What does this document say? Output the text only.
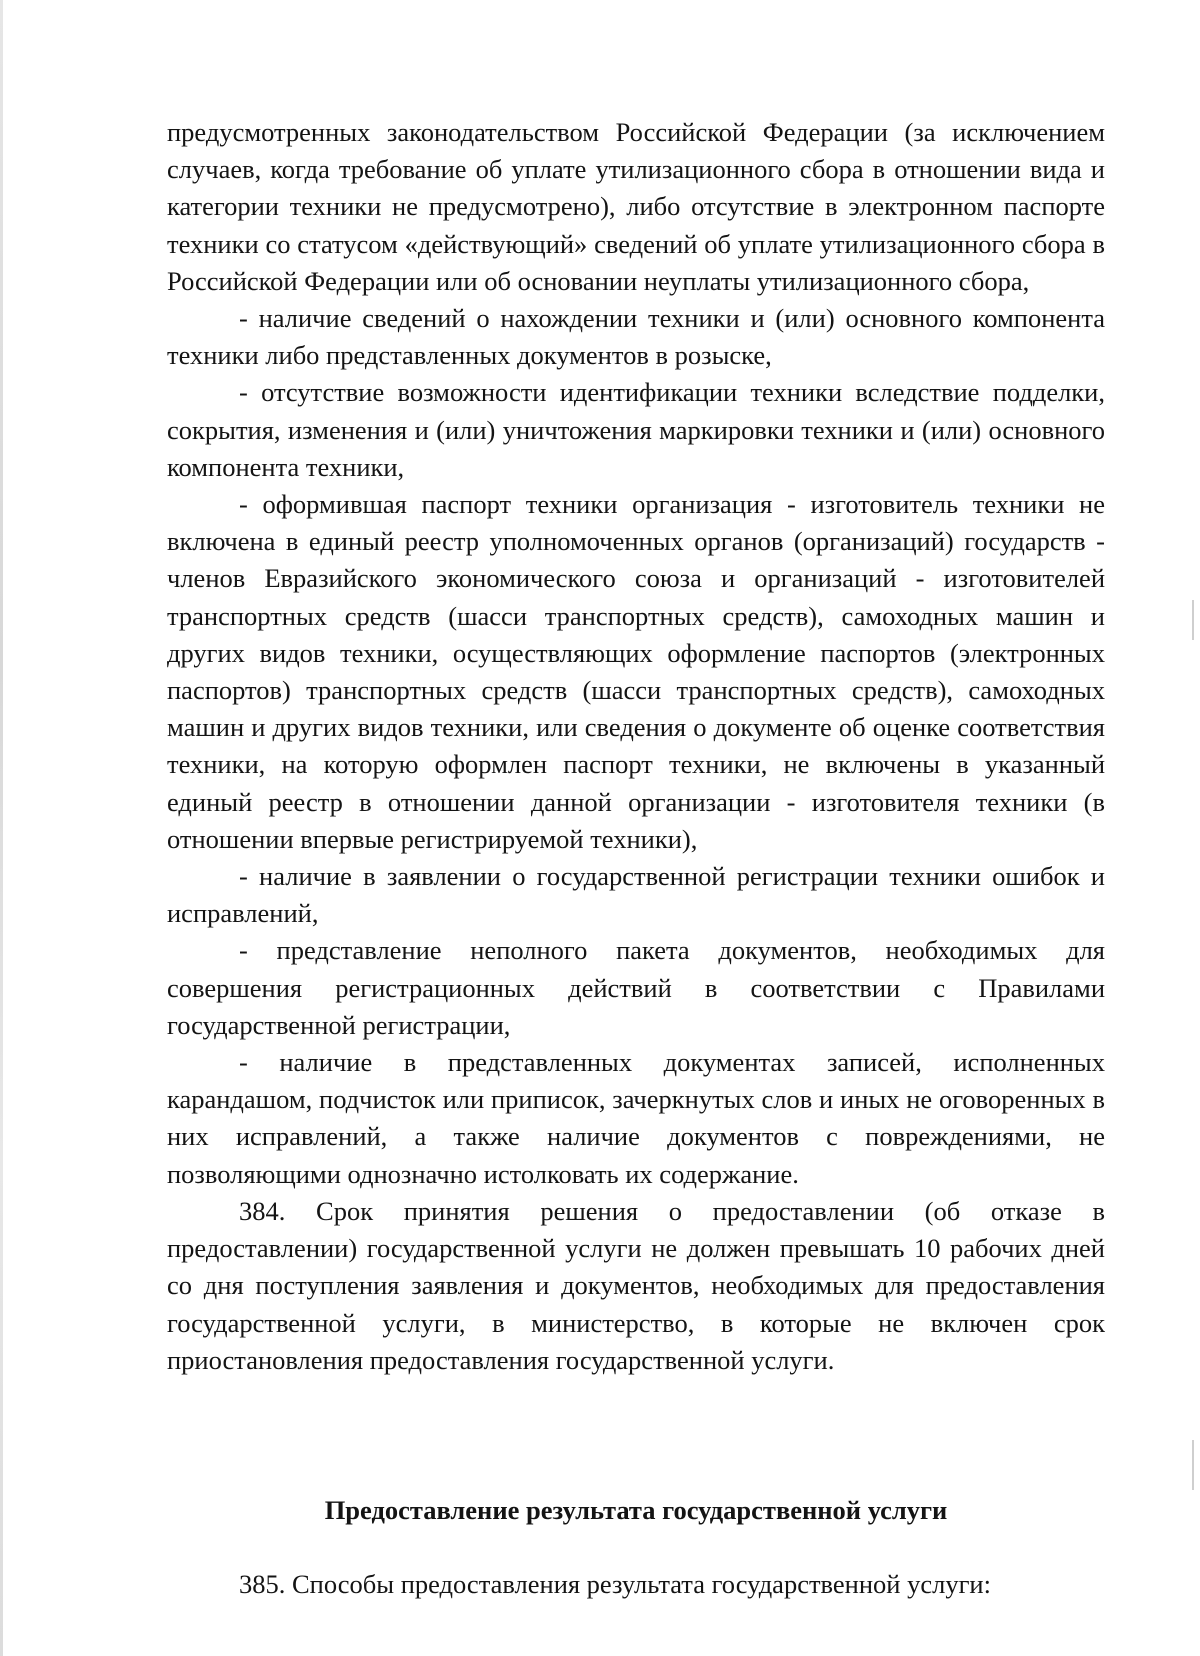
предусмотренных законодательством Российской Федерации (за исключением случаев, когда требование об уплате утилизационного сбора в отношении вида и категории техники не предусмотрено), либо отсутствие в электронном паспорте техники со статусом «действующий» сведений об уплате утилизационного сбора в Российской Федерации или об основании неуплаты утилизационного сбора,

- наличие сведений о нахождении техники и (или) основного компонента техники либо представленных документов в розыске,

- отсутствие возможности идентификации техники вследствие подделки, сокрытия, изменения и (или) уничтожения маркировки техники и (или) основного компонента техники,

- оформившая паспорт техники организация - изготовитель техники не включена в единый реестр уполномоченных органов (организаций) государств - членов Евразийского экономического союза и организаций - изготовителей транспортных средств (шасси транспортных средств), самоходных машин и других видов техники, осуществляющих оформление паспортов (электронных паспортов) транспортных средств (шасси транспортных средств), самоходных машин и других видов техники, или сведения о документе об оценке соответствия техники, на которую оформлен паспорт техники, не включены в указанный единый реестр в отношении данной организации - изготовителя техники (в отношении впервые регистрируемой техники),

- наличие в заявлении о государственной регистрации техники ошибок и исправлений,

- представление неполного пакета документов, необходимых для совершения регистрационных действий в соответствии с Правилами государственной регистрации,

- наличие в представленных документах записей, исполненных карандашом, подчисток или приписок, зачеркнутых слов и иных не оговоренных в них исправлений, а также наличие документов с повреждениями, не позволяющими однозначно истолковать их содержание.

384. Срок принятия решения о предоставлении (об отказе в предоставлении) государственной услуги не должен превышать 10 рабочих дней со дня поступления заявления и документов, необходимых для предоставления государственной услуги, в министерство, в которые не включен срок приостановления предоставления государственной услуги.

Предоставление результата государственной услуги

385. Способы предоставления результата государственной услуги:
